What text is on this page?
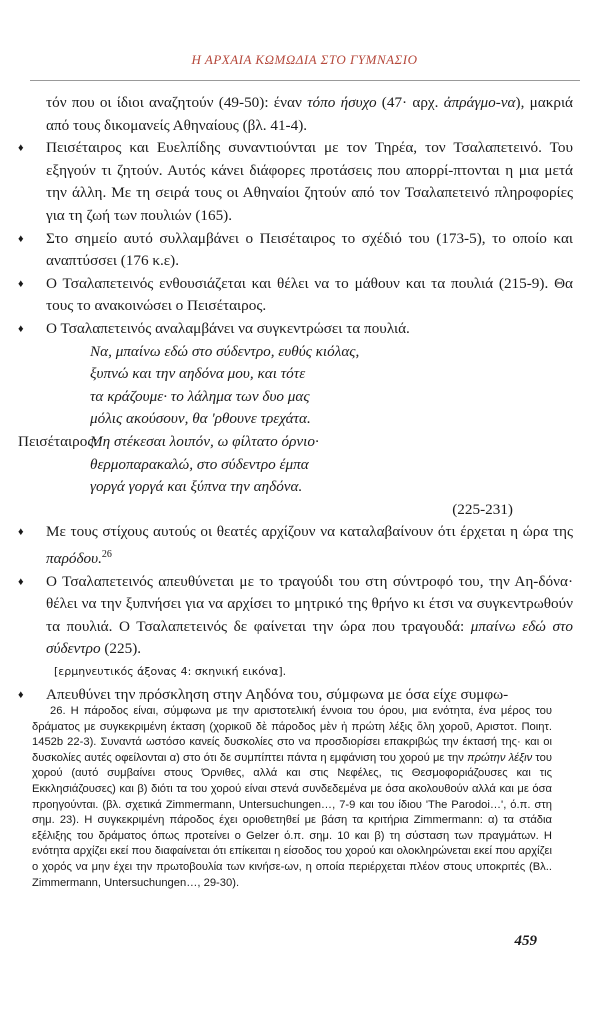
Η ΑΡΧΑΙΑ ΚΩΜΩΔΙΑ ΣΤΟ ΓΥΜΝΑΣΙΟ

τόν που οι ίδιοι αναζητούν (49-50): έναν τόπο ήσυχο (47· αρχ. ἀπράγμο-να), μακριά από τους δικομανείς Αθηναίους (βλ. 41-4).

♦ Πεισέταιρος και Ευελπίδης συναντιούνται με τον Τηρέα, τον Τσαλαπετεινό. Του εξηγούν τι ζητούν. Αυτός κάνει διάφορες προτάσεις που απορρί-πτονται η μια μετά την άλλη. Με τη σειρά τους οι Αθηναίοι ζητούν από τον Τσαλαπετεινό πληροφορίες για τη ζωή των πουλιών (165).

♦ Στο σημείο αυτό συλλαμβάνει ο Πεισέταιρος το σχέδιό του (173-5), το οποίο και αναπτύσσει (176 κ.ε).

♦ Ο Τσαλαπετεινός ενθουσιάζεται και θέλει να το μάθουν και τα πουλιά (215-9). Θα τους το ανακοινώσει ο Πεισέταιρος.

♦ Ο Τσαλαπετεινός αναλαμβάνει να συγκεντρώσει τα πουλιά.

Να, μπαίνω εδώ στο σύδεντρο, ευθύς κιόλας,
ξυπνώ και την αηδόνα μου, και τότε
τα κράζουμε· το λάλημα των δυο μας
μόλις ακούσουν, θα 'ρθουνε τρεχάτα.
Πεισέταιρος:
Μη στέκεσαι λοιπόν, ω φίλτατο όρνιο·
θερμοπαρακαλώ, στο σύδεντρο έμπα
γοργά γοργά και ξύπνα την αηδόνα.
(225-231)

♦ Με τους στίχους αυτούς οι θεατές αρχίζουν να καταλαβαίνουν ότι έρχεται η ώρα της παρόδου.$^{26}$

♦ Ο Τσαλαπετεινός απευθύνεται με το τραγούδι του στη σύντροφό του, την Αη-δόνα· θέλει να την ξυπνήσει για να αρχίσει το μητρικό της θρήνο κι έτσι να συγκεντρωθούν τα πουλιά. Ο Τσαλαπετεινός δε φαίνεται την ώρα που τραγουδά: μπαίνω εδώ στο σύδεντρο (225).

[ερμηνευτικός άξονας 4: σκηνική εικόνα].

♦ Απευθύνει την πρόσκληση στην Αηδόνα του, σύμφωνα με όσα είχε συμφω-

26. Η πάροδος είναι, σύμφωνα με την αριστοτελική έννοια του όρου, μια ενότητα, ένα μέρος του δράματος με συγκεκριμένη έκταση (χορικοῦ δὲ πάροδος μὲν ἡ πρώτη λέξις ὅλη χοροῦ, Αριστοτ. Ποιητ. 1452b 22-3). Συναντά ωστόσο κανείς δυσκολίες στο να προσδιορίσει επακριβώς την έκτασή της· και οι δυσκολίες αυτές οφείλονται α) στο ότι δε συμπίπτει πάντα η εμφάνιση του χορού με την πρώτην λέξιν του χορού (αυτό συμβαίνει στους Όρνιθες, αλλά και στις Νεφέλες, τις Θεσμοφοριάζουσες και τις Εκκλησιάζουσες) και β) διότι τα του χορού είναι στενά συνδεδεμένα με όσα ακολουθούν αλλά και με όσα προηγούνται. (βλ. σχετικά Zimmermann, Untersuchungen…, 7-9 και του ίδιου 'The Parodoi…', ό.π. στη σημ. 23). Η συγκεκριμένη πάροδος έχει οριοθετηθεί με βάση τα κριτήρια Zimmermann: α) τα στάδια εξέλιξης του δράματος όπως προτείνει ο Gelzer ό.π. σημ. 10 και β) τη σύσταση των πραγμάτων. Η ενότητα αρχίζει εκεί που διαφαίνεται ότι επίκειται η είσοδος του χορού και ολοκληρώνεται εκεί που αρχίζει ο χορός να μην έχει την πρωτοβουλία των κινήσε-ων, η οποία περιέρχεται πλέον στους υποκριτές (Βλ.. Zimmermann, Untersuchungen…, 29-30).
459
